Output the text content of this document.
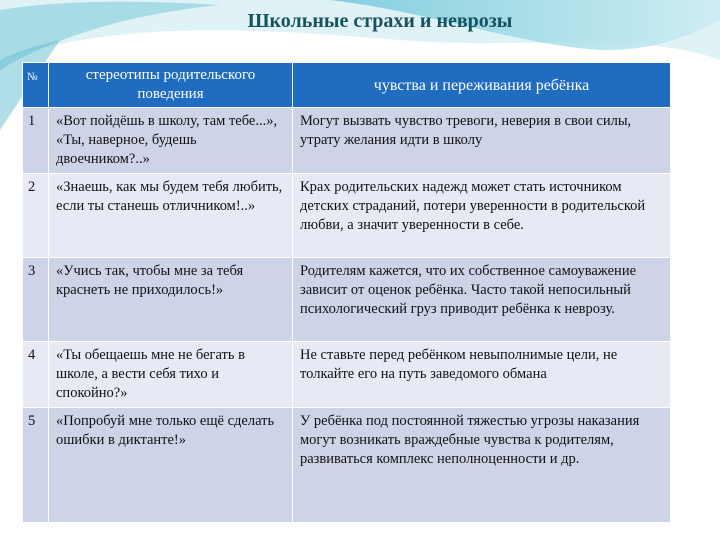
Школьные страхи и неврозы
№	стереотипы родительского поведения	чувства и переживания ребёнка
1	«Вот пойдёшь в школу, там тебе...», «Ты, наверное, будешь двоечником?..»	Могут вызвать чувство тревоги, неверия в свои силы, утрату желания идти в школу
2	«Знаешь, как мы будем тебя любить, если ты станешь отличником!..»	Крах родительских надежд может стать источником детских страданий, потери уверенности в родительской любви, а значит уверенности в себе.
3	«Учись так, чтобы мне за тебя краснеть не приходилось!»	Родителям кажется, что их собственное самоуважение зависит от оценок ребёнка. Часто такой непосильный психологический груз приводит ребёнка к неврозу.
4	«Ты обещаешь мне не бегать в школе, а вести себя тихо и спокойно?»	Не ставьте перед ребёнком невыполнимые цели, не толкайте его на путь заведомого обмана
5	«Попробуй мне только ещё сделать ошибки в диктанте!»	У ребёнка под постоянной тяжестью угрозы наказания могут возникать враждебные чувства к родителям, развиваться комплекс неполноценности и др.
